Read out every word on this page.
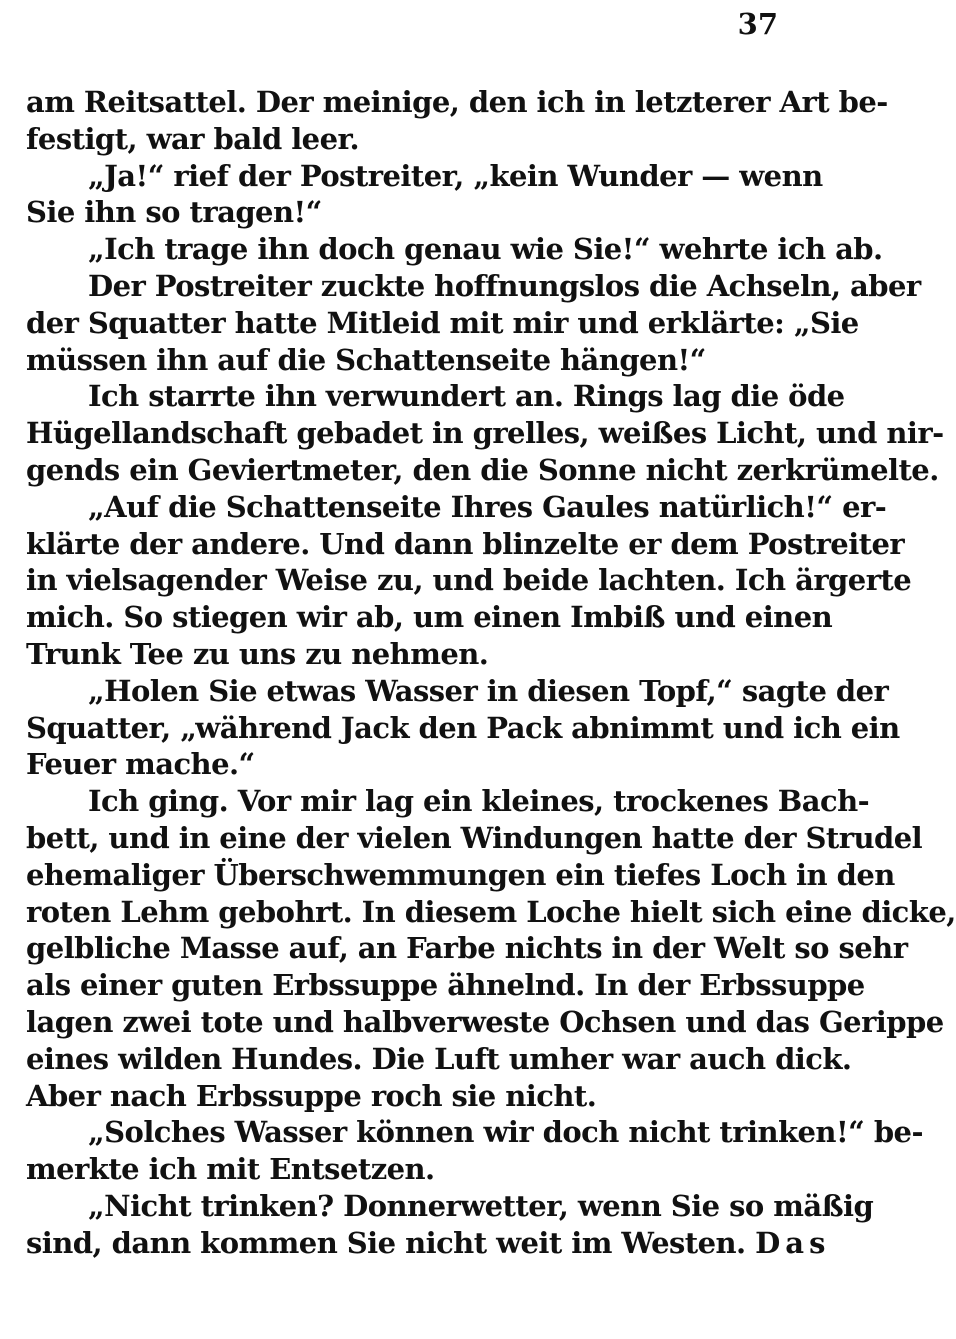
37
am Reitsattel. Der meinige, den ich in letzterer Art be-
festigt, war bald leer.
„Ja!“ rief der Postreiter, „kein Wunder — wenn
Sie ihn so tragen!“
„Ich trage ihn doch genau wie Sie!“ wehrte ich ab.
Der Postreiter zuckte hoffnungslos die Achseln, aber
der Squatter hatte Mitleid mit mir und erklärte: „Sie
müssen ihn auf die Schattenseite hängen!“
Ich starrte ihn verwundert an. Rings lag die öde
Hügellandschaft gebadet in grelles, weißes Licht, und nir-
gends ein Geviertmeter, den die Sonne nicht zerkrümelte.
„Auf die Schattenseite Ihres Gaules natürlich!“ er-
klärte der andere. Und dann blinzelte er dem Postreiter
in vielsagender Weise zu, und beide lachten. Ich ärgerte
mich. So stiegen wir ab, um einen Imbiß und einen
Trunk Tee zu uns zu nehmen.
„Holen Sie etwas Wasser in diesen Topf,“ sagte der
Squatter, „während Jack den Pack abnimmt und ich ein
Feuer mache.“
Ich ging. Vor mir lag ein kleines, trockenes Bach-
bett, und in eine der vielen Windungen hatte der Strudel
ehemaliger Überschwemmungen ein tiefes Loch in den
roten Lehm gebohrt. In diesem Loche hielt sich eine dicke,
gelbliche Masse auf, an Farbe nichts in der Welt so sehr
als einer guten Erbssuppe ähnelnd. In der Erbssuppe
lagen zwei tote und halbverweste Ochsen und das Gerippe
eines wilden Hundes. Die Luft umher war auch dick.
Aber nach Erbssuppe roch sie nicht.
„Solches Wasser können wir doch nicht trinken!“ be-
merkte ich mit Entsetzen.
„Nicht trinken? Donnerwetter, wenn Sie so mäßig
sind, dann kommen Sie nicht weit im Westen. Das
